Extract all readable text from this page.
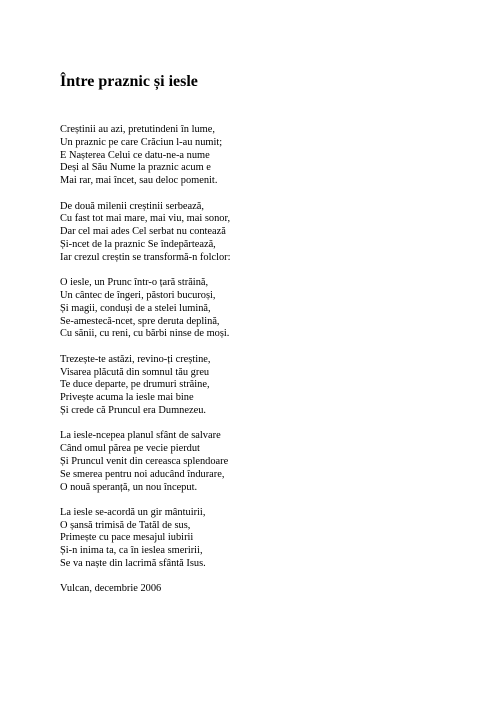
Între praznic și iesle
Creștinii au azi, pretutindeni în lume,
Un praznic pe care Crăciun l-au numit;
E Nașterea Celui ce datu-ne-a nume
Deși al Său Nume la praznic acum e
Mai rar, mai încet, sau deloc pomenit.
De două milenii creștinii serbează,
Cu fast tot mai mare, mai viu, mai sonor,
Dar cel mai ades Cel serbat nu contează
Și-ncet de la praznic Se îndepărtează,
Iar crezul creștin se transformă-n folclor:
O iesle, un Prunc într-o țară străină,
Un cântec de îngeri, păstori bucuroși,
Și magii, conduși de a stelei lumină,
Se-amestecă-ncet, spre deruta deplină,
Cu sănii, cu reni, cu bărbi ninse de moși.
Trezește-te astăzi, revino-ți creștine,
Visarea plăcută din somnul tău greu
Te duce departe, pe drumuri străine,
Privește acuma la iesle mai bine
Și crede că Pruncul era Dumnezeu.
La iesle-ncepea planul sfânt de salvare
Când omul părea pe vecie pierdut
Și Pruncul venit din cereasca splendoare
Se smerea pentru noi aducând îndurare,
O nouă speranță, un nou început.
La iesle se-acordă un gir mântuirii,
O șansă trimisă de Tatăl de sus,
Primește cu pace mesajul iubirii
Și-n inima ta, ca în ieslea smeririi,
Se va naște din lacrimă sfântă Isus.
Vulcan, decembrie 2006
